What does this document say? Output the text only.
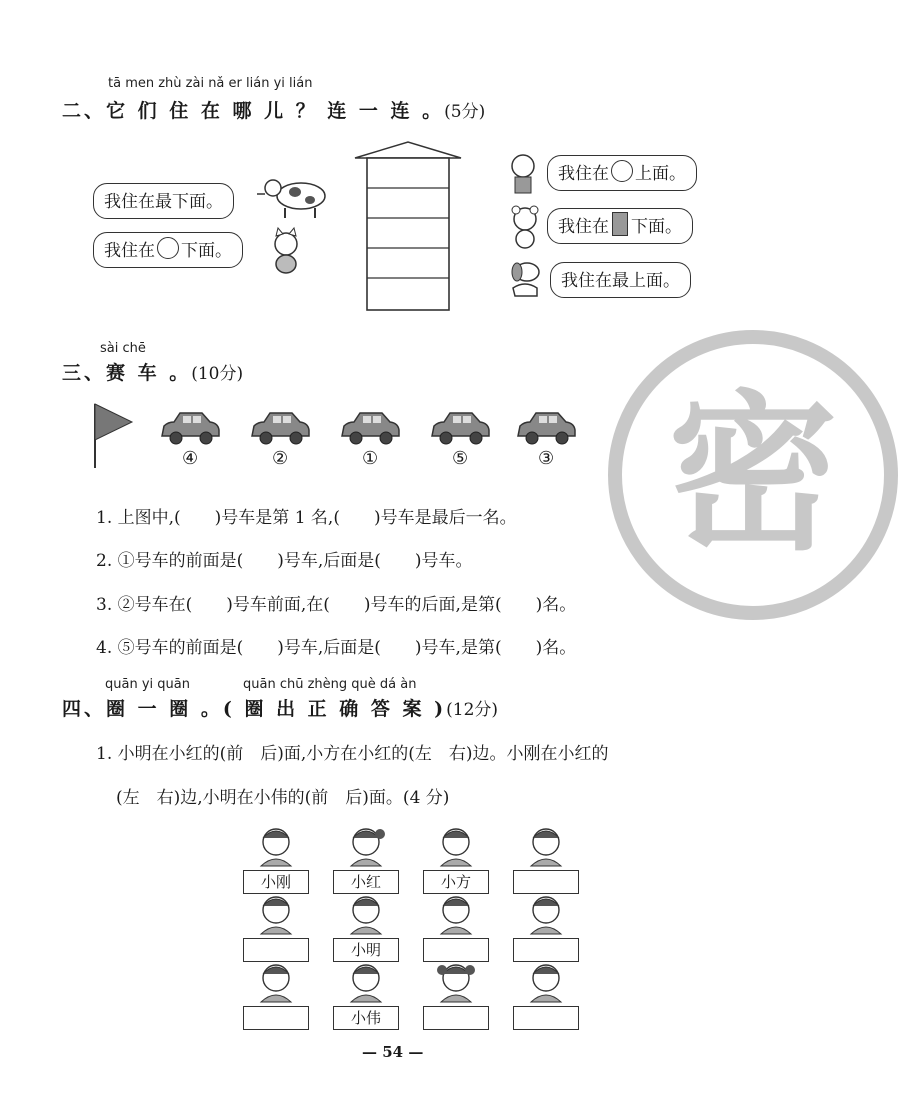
tā men zhù zài nǎ er lián yi lián
二、它 们 住 在 哪 儿 ？ 连 一 连 。(5分)
我住在最下面。
我住在 下面。
我住在 上面。
我住在 下面。
我住在最上面。
密
sài chē
三、赛 车 。(10分)
④	②	①	⑤	③
1. 上图中,(　　)号车是第 1 名,(　　)号车是最后一名。
2. ①号车的前面是(　　)号车,后面是(　　)号车。
3. ②号车在(　　)号车前面,在(　　)号车的后面,是第(　　)名。
4. ⑤号车的前面是(　　)号车,后面是(　　)号车,是第(　　)名。
quān yi quān	quān chū zhèng què dá àn
四、圈 一 圈 。( 圈 出 正 确 答 案 )(12分)
1. 小明在小红的(前　后)面,小方在小红的(左　右)边。小刚在小红的
(左　右)边,小明在小伟的(前　后)面。(4 分)
小刚	小红	小方
小明
小伟
— 54 —
